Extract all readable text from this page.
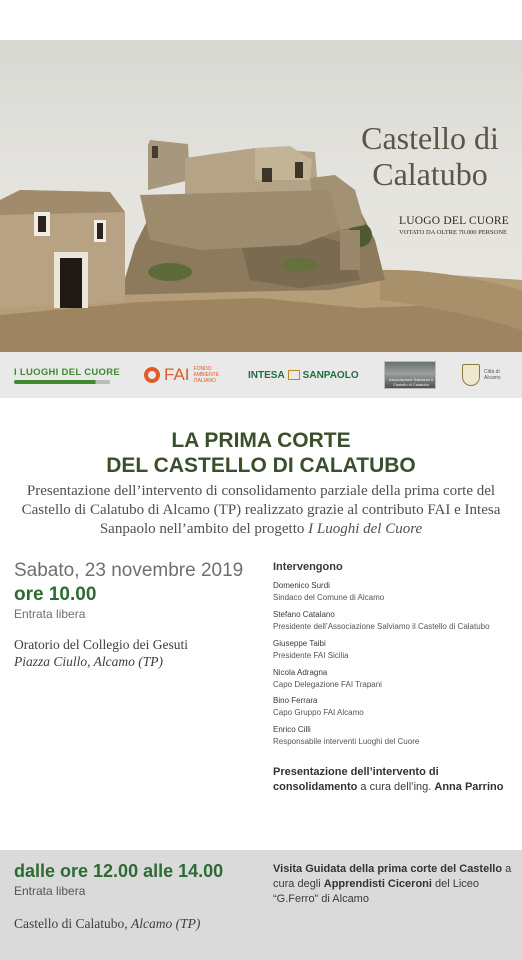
Castello di
Calatubo
LUOGO DEL CUORE
VOTATO DA OLTRE 70.000 PERSONE
I LUOGHI DEL CUORE	FAI FONDO AMBIENTE ITALIANO
INTESA SANPAOLO	Associazione Salviamo il Castello di Calatubo
Città di Alcamo
LA PRIMA CORTE
DEL CASTELLO DI CALATUBO
Presentazione dell’intervento di consolidamento parziale della prima corte del Castello di Calatubo di Alcamo (TP) realizzato grazie al contributo FAI e Intesa Sanpaolo nell’ambito del progetto I Luoghi del Cuore
Sabato, 23 novembre 2019
ore 10.00
Entrata libera
Oratorio del Collegio dei Gesuti
Piazza Ciullo, Alcamo (TP)
Intervengono
Domenico Surdi
Sindaco del Comune di Alcamo
Stefano Catalano
Presidente dell’Associazione Salviamo il Castello di Calatubo
Giuseppe Taibi
Presidente FAI Sicilia
Nicola Adragna
Capo Delegazione FAI Trapani
Bino Ferrara
Capo Gruppo FAI Alcamo
Enrico Cilli
Responsabile interventi Luoghi del Cuore
Presentazione dell’intervento di consolidamento a cura dell’ing. Anna Parrino
dalle ore 12.00 alle 14.00
Entrata libera
Castello di Calatubo, Alcamo (TP)
Visita Guidata della prima corte del Castello a cura degli Apprendisti Ciceroni del Liceo “G.Ferro” di Alcamo
